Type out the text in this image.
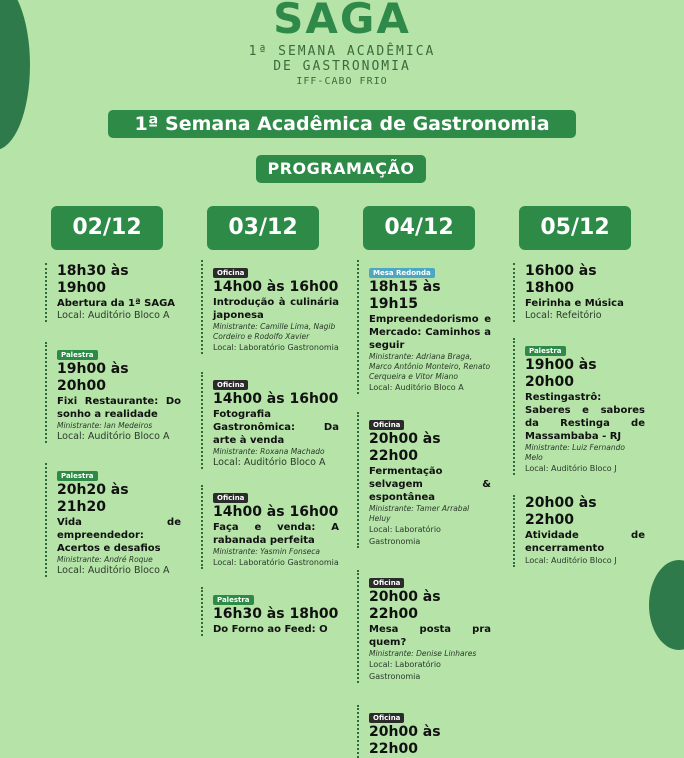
SAGA
1ª SEMANA ACADÊMICA
DE GASTRONOMIA
IFF-CABO FRIO
1ª Semana Acadêmica de Gastronomia
PROGRAMAÇÃO
02/12
18h30 às 19h00
Abertura da 1ª SAGA
Local: Auditório Bloco A
Palestra
19h00 às 20h00
Fixi Restaurante: Do sonho a realidade
Ministrante: Ian Medeiros
Local: Auditório Bloco A
Palestra
20h20 às 21h20
Vida de empreendedor: Acertos e desafios
Ministrante: André Roque
Local: Auditório Bloco A
03/12
Oficina
14h00 às 16h00
Introdução à culinária japonesa
Ministrante: Camille Lima, Nagib Cordeiro e Rodolfo Xavier
Local: Laboratório Gastronomia
Oficina
14h00 às 16h00
Fotografia Gastronômica: Da arte à venda
Ministrante: Roxana Machado
Local: Auditório Bloco A
Oficina
14h00 às 16h00
Faça e venda: A rabanada perfeita
Ministrante: Yasmin Fonseca
Local: Laboratório Gastronomia
Palestra
16h30 às 18h00
Do Forno ao Feed: O
04/12
Mesa Redonda
18h15 às 19h15
Empreendedorismo e Mercado: Caminhos a seguir
Ministrante: Adriana Braga, Marco Antônio Monteiro, Renato Cerqueira e Vitor Miano
Local: Auditório Bloco A
Oficina
20h00 às 22h00
Fermentação selvagem & espontânea
Ministrante: Tamer Arrabal Heluy
Local: Laboratório Gastronomia
Oficina
20h00 às 22h00
Mesa posta pra quem?
Ministrante: Denise Linhares
Local: Laboratório Gastronomia
Oficina
20h00 às 22h00
05/12
16h00 às 18h00
Feirinha e Música
Local: Refeitório
Palestra
19h00 às 20h00
Restingastrô: Saberes e sabores da Restinga de Massambaba - RJ
Ministrante: Luiz Fernando Melo
Local: Auditório Bloco J
20h00 às 22h00
Atividade de encerramento
Local: Auditório Bloco J
